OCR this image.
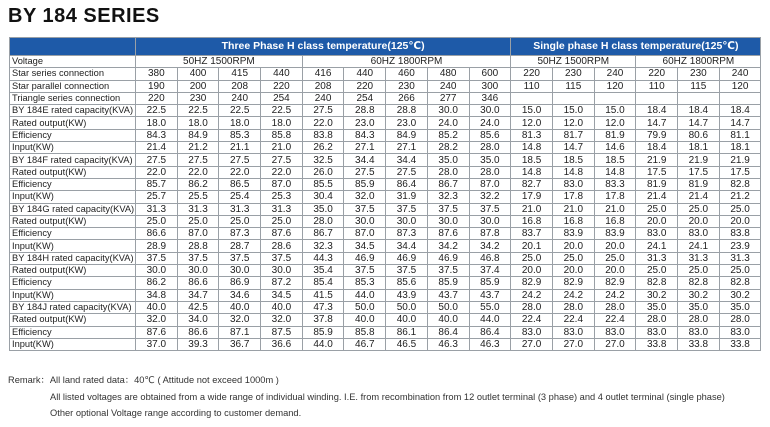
BY 184 SERIES
	Three Phase H class temperature(125℃)									Single phase H class temperature(125℃)					
Voltage	50HZ 1500RPM				60HZ 1800RPM					50HZ 1500RPM			60HZ 1800RPM		
Star series connection	380	400	415	440	416	440	460	480	600	220	230	240	220	230	240
Star parallel connection	190	200	208	220	208	220	230	240	300	110	115	120	110	115	120
Triangle series connection	220	230	240	254	240	254	266	277	346						
BY 184E rated capacity(KVA)	22.5	22.5	22.5	22.5	27.5	28.8	28.8	30.0	30.0	15.0	15.0	15.0	18.4	18.4	18.4
Rated output(KW)	18.0	18.0	18.0	18.0	22.0	23.0	23.0	24.0	24.0	12.0	12.0	12.0	14.7	14.7	14.7
Efficiency	84.3	84.9	85.3	85.8	83.8	84.3	84.9	85.2	85.6	81.3	81.7	81.9	79.9	80.6	81.1
Input(KW)	21.4	21.2	21.1	21.0	26.2	27.1	27.1	28.2	28.0	14.8	14.7	14.6	18.4	18.1	18.1
BY 184F rated capacity(KVA)	27.5	27.5	27.5	27.5	32.5	34.4	34.4	35.0	35.0	18.5	18.5	18.5	21.9	21.9	21.9
Rated output(KW)	22.0	22.0	22.0	22.0	26.0	27.5	27.5	28.0	28.0	14.8	14.8	14.8	17.5	17.5	17.5
Efficiency	85.7	86.2	86.5	87.0	85.5	85.9	86.4	86.7	87.0	82.7	83.0	83.3	81.9	81.9	82.8
Input(KW)	25.7	25.5	25.4	25.3	30.4	32.0	31.9	32.3	32.2	17.9	17.8	17.8	21.4	21.4	21.2
BY 184G rated capacity(KVA)	31.3	31.3	31.3	31.3	35.0	37.5	37.5	37.5	37.5	21.0	21.0	21.0	25.0	25.0	25.0
Rated output(KW)	25.0	25.0	25.0	25.0	28.0	30.0	30.0	30.0	30.0	16.8	16.8	16.8	20.0	20.0	20.0
Efficiency	86.6	87.0	87.3	87.6	86.7	87.0	87.3	87.6	87.8	83.7	83.9	83.9	83.0	83.0	83.8
Input(KW)	28.9	28.8	28.7	28.6	32.3	34.5	34.4	34.2	34.2	20.1	20.0	20.0	24.1	24.1	23.9
BY 184H rated capacity(KVA)	37.5	37.5	37.5	37.5	44.3	46.9	46.9	46.9	46.8	25.0	25.0	25.0	31.3	31.3	31.3
Rated output(KW)	30.0	30.0	30.0	30.0	35.4	37.5	37.5	37.5	37.4	20.0	20.0	20.0	25.0	25.0	25.0
Efficiency	86.2	86.6	86.9	87.2	85.4	85.3	85.6	85.9	85.9	82.9	82.9	82.9	82.8	82.8	82.8
Input(KW)	34.8	34.7	34.6	34.5	41.5	44.0	43.9	43.7	43.7	24.2	24.2	24.2	30.2	30.2	30.2
BY 184J rated capacity(KVA)	40.0	42.5	40.0	40.0	47.3	50.0	50.0	50.0	55.0	28.0	28.0	28.0	35.0	35.0	35.0
Rated output(KW)	32.0	34.0	32.0	32.0	37.8	40.0	40.0	40.0	44.0	22.4	22.4	22.4	28.0	28.0	28.0
Efficiency	87.6	86.6	87.1	87.5	85.9	85.8	86.1	86.4	86.4	83.0	83.0	83.0	83.0	83.0	83.0
Input(KW)	37.0	39.3	36.7	36.6	44.0	46.7	46.5	46.3	46.3	27.0	27.0	27.0	33.8	33.8	33.8
Remark：All land rated data：40℃ ( Attitude not exceed 1000m )
All listed voltages are obtained from a wide range of individual winding. I.E. from recombination from 12 outlet terminal (3 phase) and 4 outlet terminal (single phase)
Other optional Voltage range according to customer demand.
